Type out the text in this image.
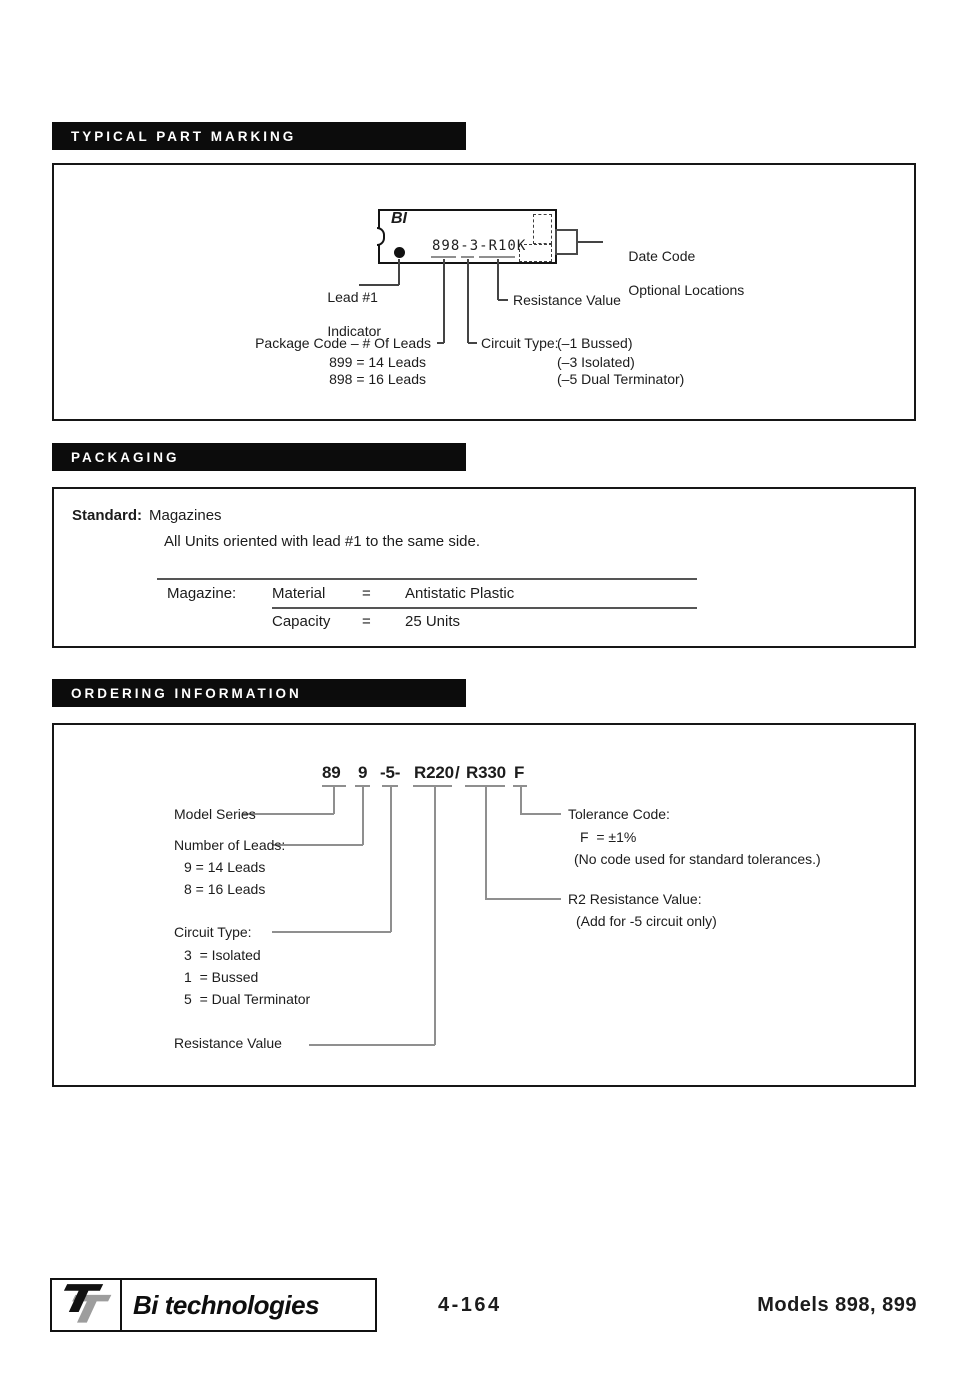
TYPICAL PART MARKING
BI
898-3-R10K

Date Code

Optional Locations

Lead #1

Indicator

Package Code – # Of Leads
899 = 14 Leads
898 = 16 Leads
Circuit Type:
(–1 Bussed)
(–3 Isolated)
(–5 Dual Terminator)
Resistance Value
PACKAGING
Standard: Magazines
All Units oriented with lead #1 to the same side.
Magazine: Material = Antistatic Plastic
Capacity = 25 Units
ORDERING INFORMATION
89 9 -5- R220 / R330 F
Model Series
Number of Leads:
9 = 14 Leads
8 = 16 Leads
Circuit Type:
3  = Isolated
1  = Bussed
5  = Dual Terminator
Resistance Value
R2 Resistance Value:
(Add for -5 circuit only)
Tolerance Code:
F  = ±1%
(No code used for standard tolerances.)
Bi technologies	4-164	Models 898, 899
